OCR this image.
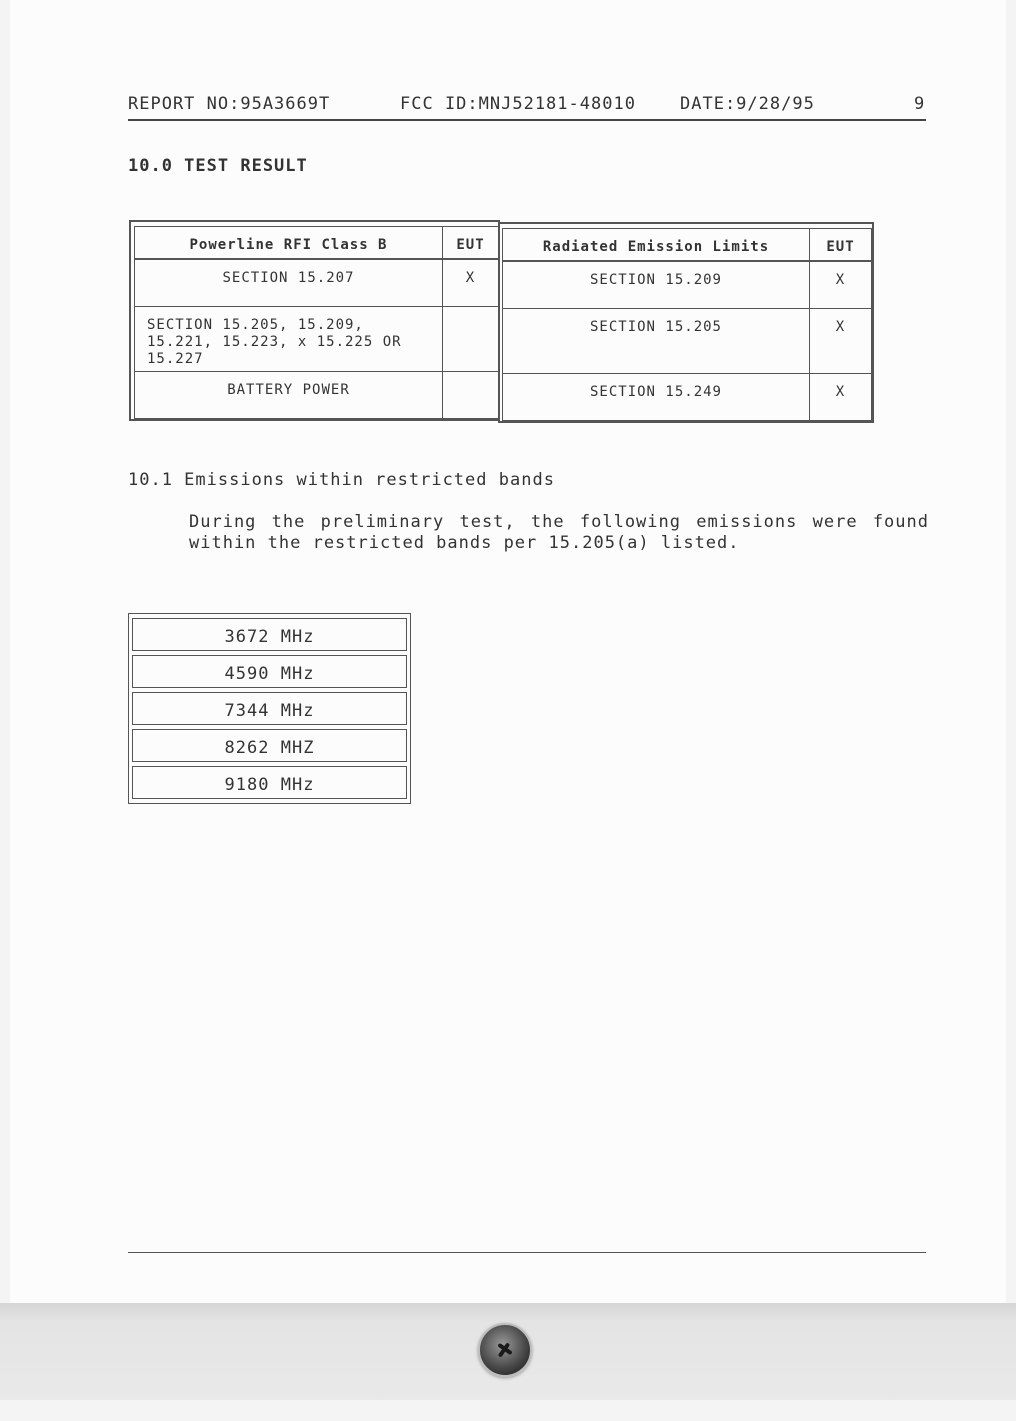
REPORT NO:95A3669T	FCC ID:MNJ52181-48010	DATE:9/28/95	9
10.0 TEST RESULT
Powerline RFI Class B	EUT
SECTION 15.207	X
SECTION 15.205, 15.209, 15.221, 15.223, x 15.225 OR 15.227
BATTERY POWER
Radiated Emission Limits	EUT
SECTION 15.209	X
SECTION 15.205	X
SECTION 15.249	X
10.1 Emissions within restricted bands
During the preliminary test, the following emissions were found within the restricted bands per 15.205(a) listed.
3672 MHz
4590 MHz
7344 MHz
8262 MHZ
9180 MHz
